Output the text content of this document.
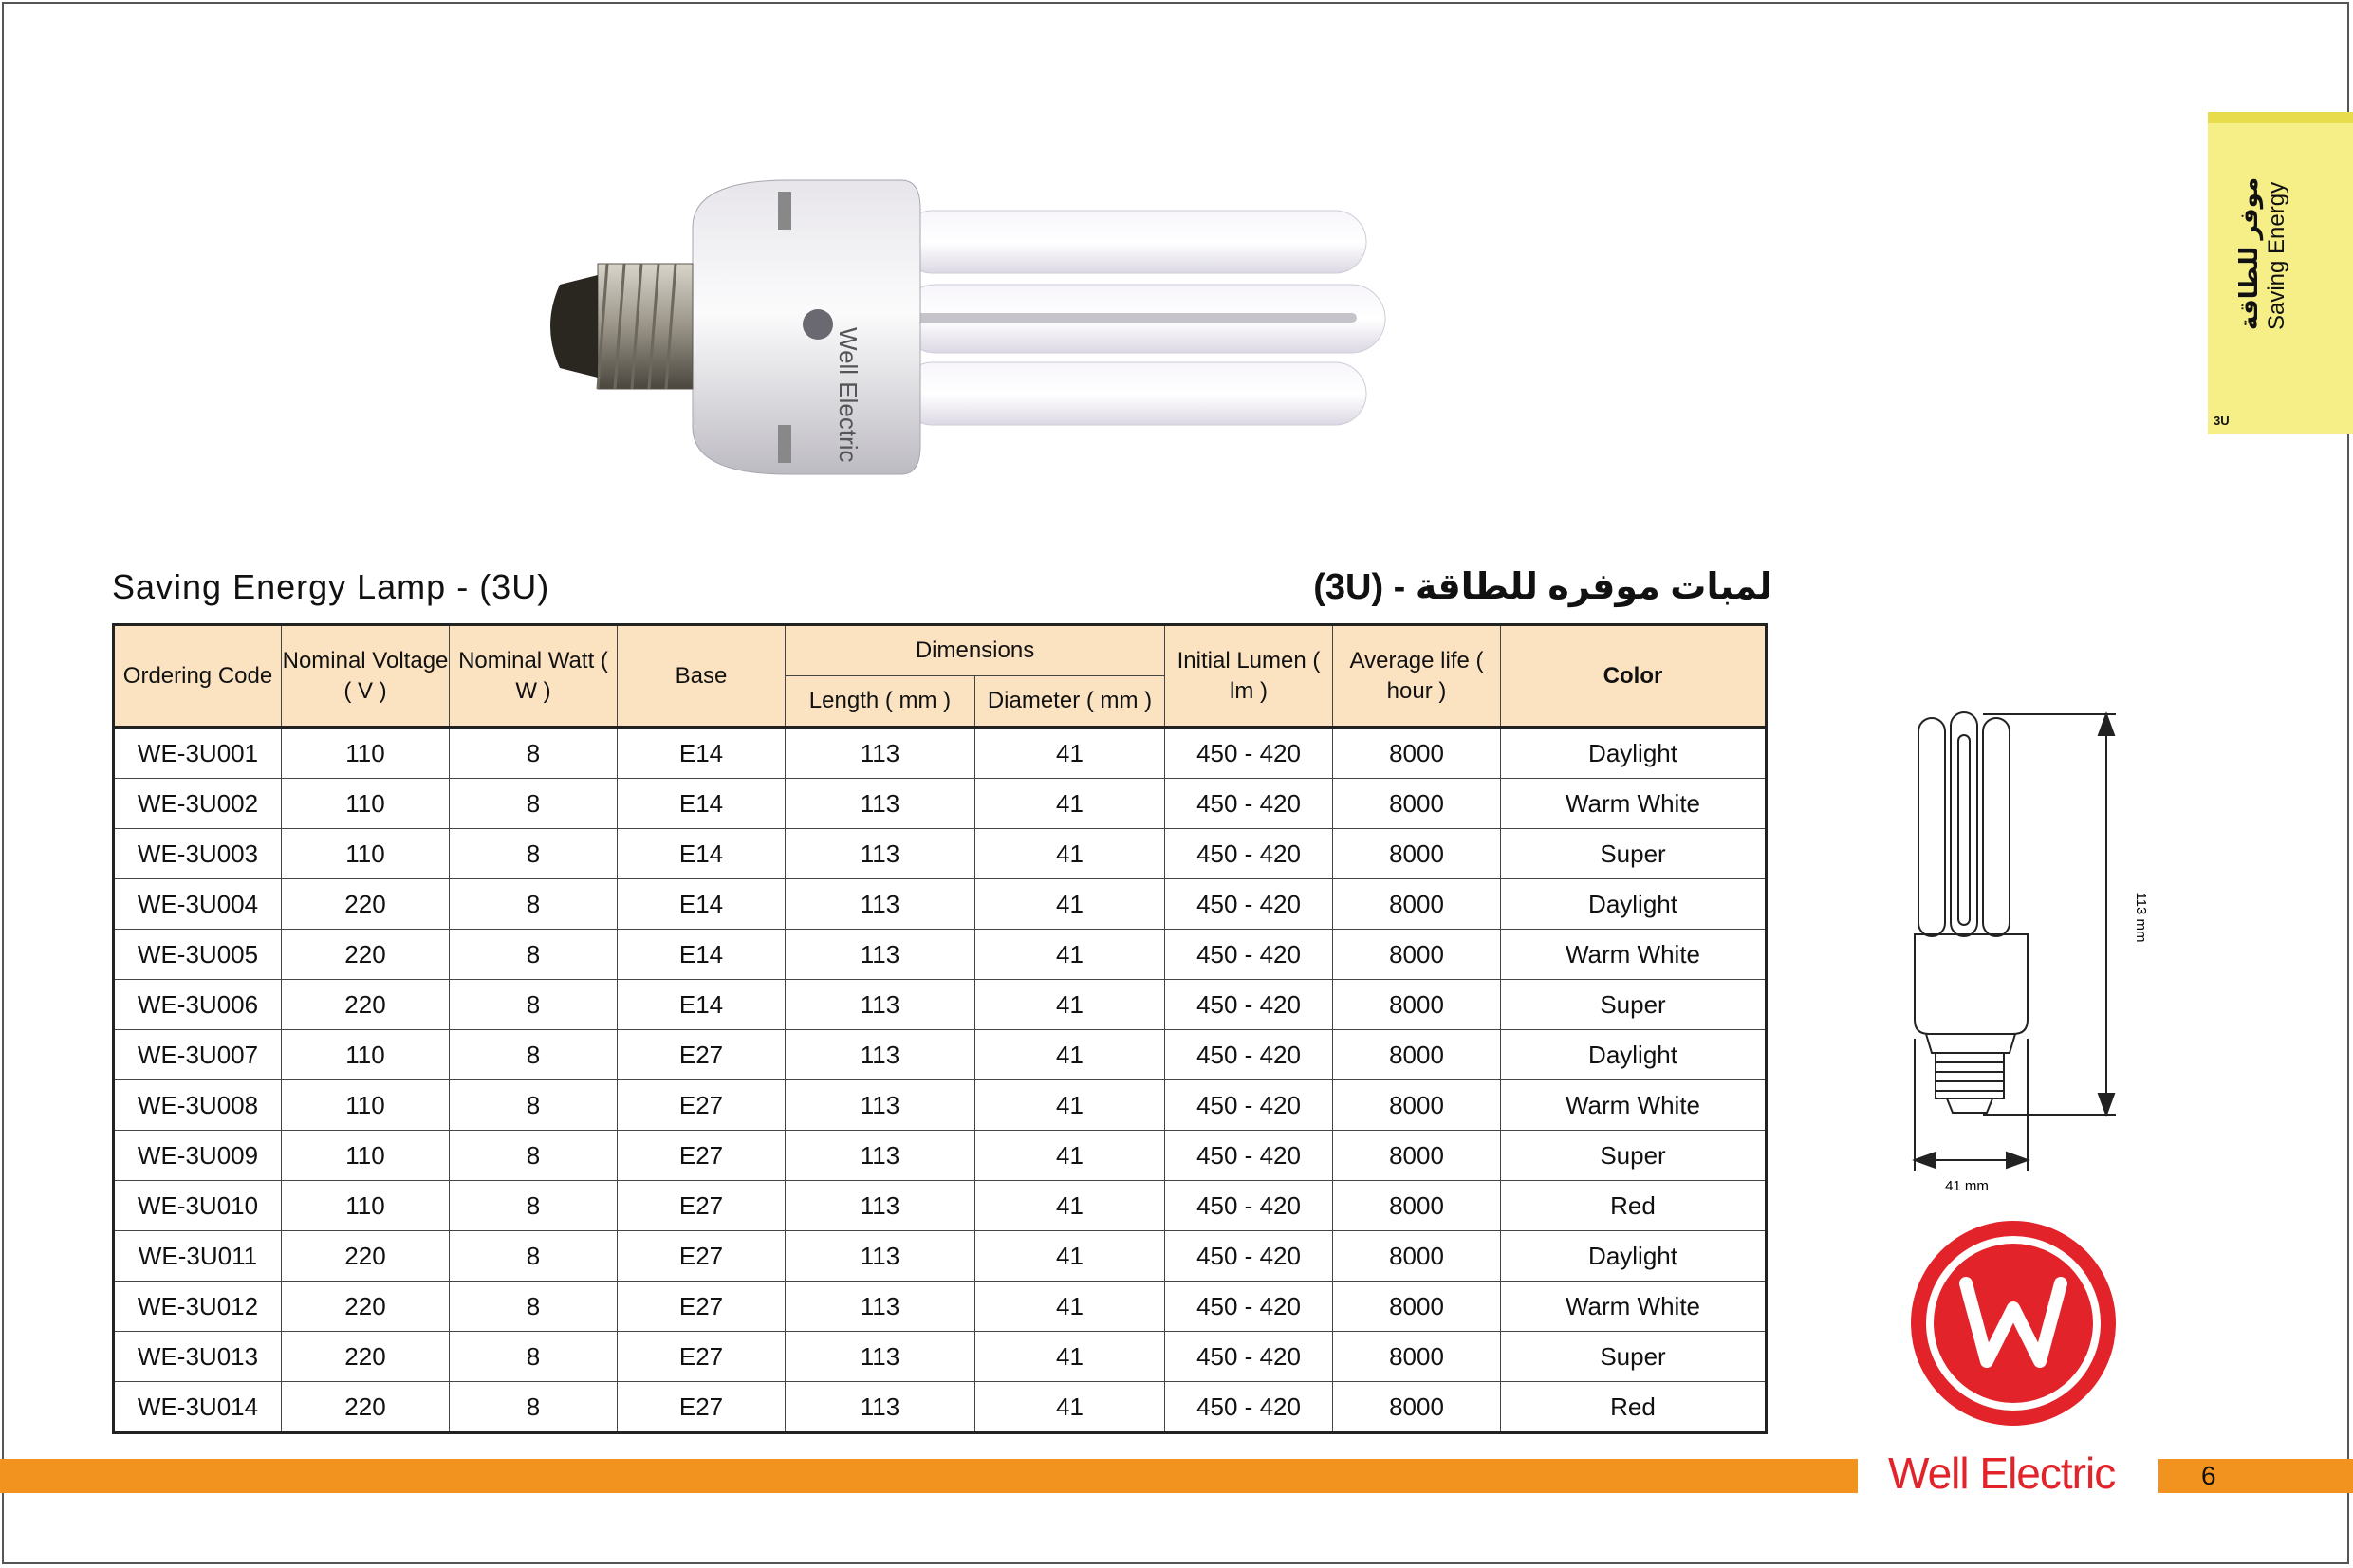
موفر للطاقة Saving Energy
3U
Well Electric
Saving Energy Lamp - (3U)	لمبات موفره للطاقة - (3U)
Ordering Code	Nominal Voltage ( V )	Nominal Watt ( W )	Base	Dimensions		Initial Lumen ( lm )	Average life ( hour )	Color
				Length ( mm )	Diameter ( mm )			
WE-3U001	110	8	E14	113	41	450 - 420	8000	Daylight
WE-3U002	110	8	E14	113	41	450 - 420	8000	Warm White
WE-3U003	110	8	E14	113	41	450 - 420	8000	Super
WE-3U004	220	8	E14	113	41	450 - 420	8000	Daylight
WE-3U005	220	8	E14	113	41	450 - 420	8000	Warm White
WE-3U006	220	8	E14	113	41	450 - 420	8000	Super
WE-3U007	110	8	E27	113	41	450 - 420	8000	Daylight
WE-3U008	110	8	E27	113	41	450 - 420	8000	Warm White
WE-3U009	110	8	E27	113	41	450 - 420	8000	Super
WE-3U010	110	8	E27	113	41	450 - 420	8000	Red
WE-3U011	220	8	E27	113	41	450 - 420	8000	Daylight
WE-3U012	220	8	E27	113	41	450 - 420	8000	Warm White
WE-3U013	220	8	E27	113	41	450 - 420	8000	Super
WE-3U014	220	8	E27	113	41	450 - 420	8000	Red
113 mm
41 mm
Well Electric	6
